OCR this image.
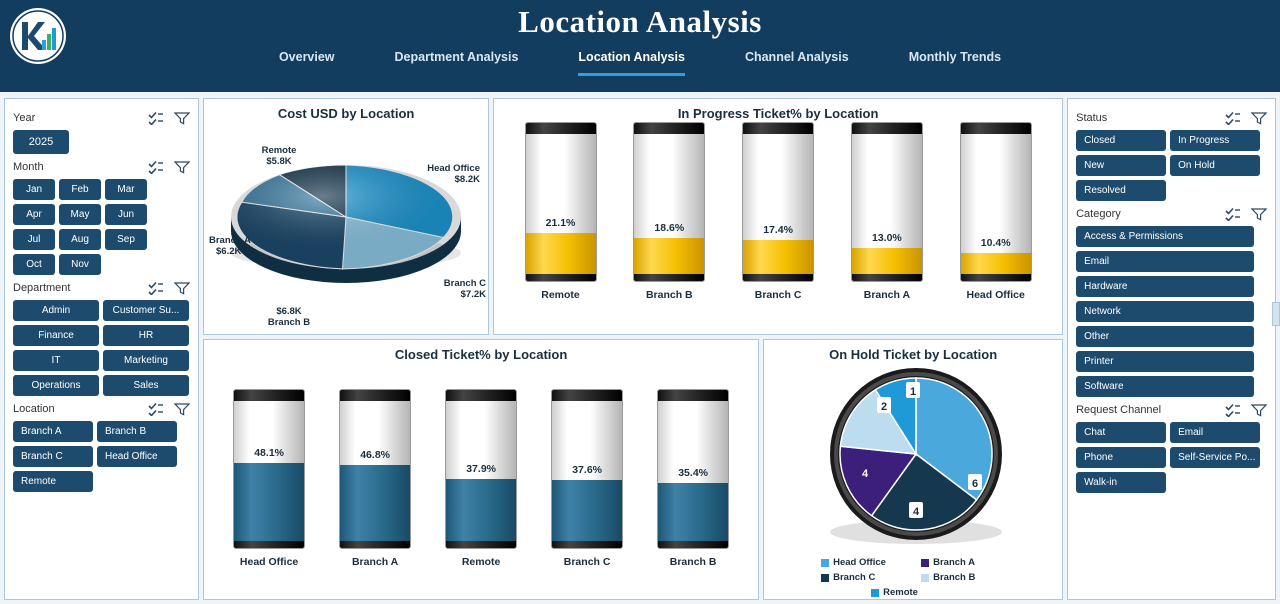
Location Analysis
Overview	Department Analysis	Location Analysis	Channel Analysis	Monthly Trends
Year
2025
Month
Jan	Feb	Mar
Apr	May	Jun
Jul	Aug	Sep
Oct	Nov
Department
Admin	Customer Su...
Finance	HR
IT	Marketing
Operations	Sales
Location
Branch A	Branch B
Branch C	Head Office
Remote
Cost USD by Location
Head Office
$8.2K
Branch C
$7.2K
Branch B
$6.8K
Branch A
$6.2K
Remote
$5.8K
In Progress Ticket% by Location
21.1%
Remote
18.6%
Branch B
17.4%
Branch C
13.0%
Branch A
10.4%
Head Office
Closed Ticket% by Location
48.1%
Head Office
46.8%
Branch A
37.9%
Remote
37.6%
Branch C
35.4%
Branch B
On Hold Ticket by Location
6
4
4
2
1
Head Office	Branch A
Branch C	Branch B
Remote
Status
Closed	In Progress
New	On Hold
Resolved
Category
Access & Permissions
Email
Hardware
Network
Other
Printer
Software
Request Channel
Chat	Email
Phone	Self-Service Po...
Walk-in
